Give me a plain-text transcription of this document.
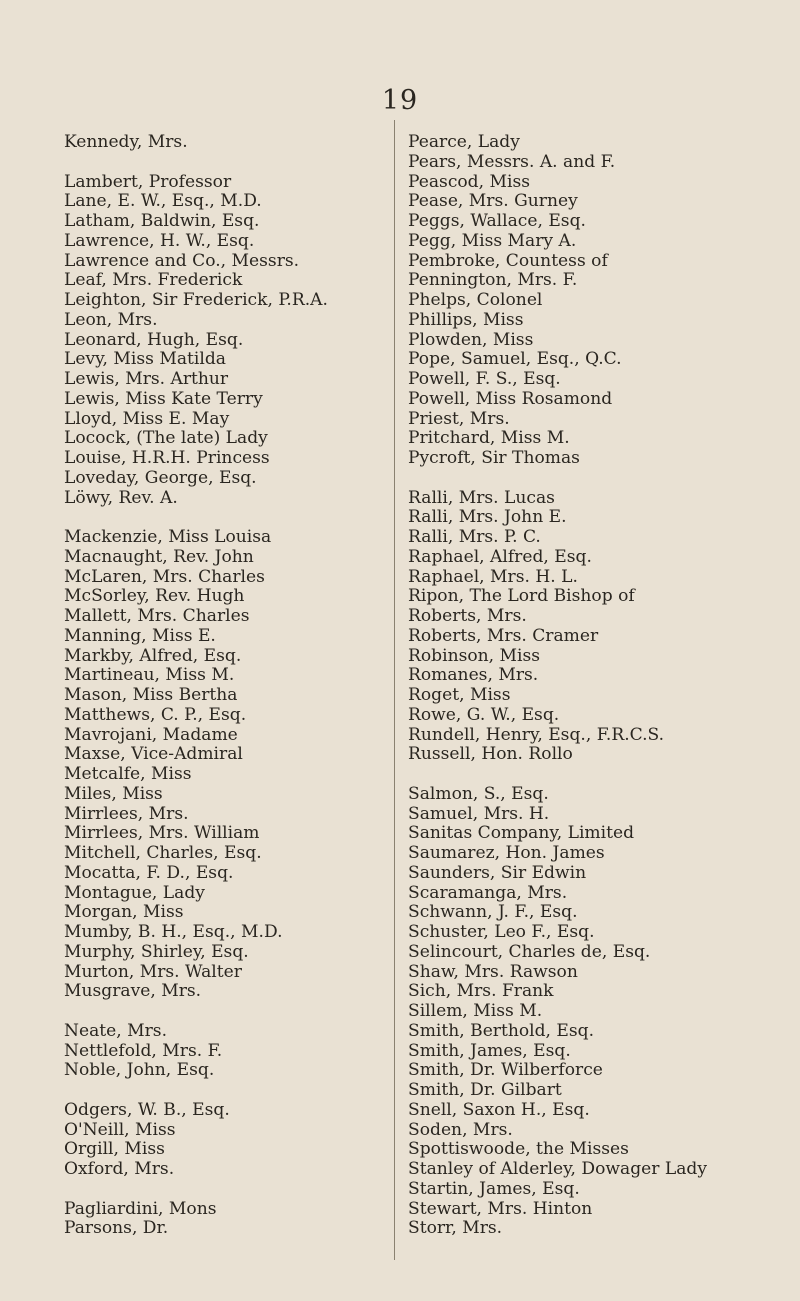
19
Kennedy, Mrs.
Lambert, Professor
Lane, E. W., Esq., M.D.
Latham, Baldwin, Esq.
Lawrence, H. W., Esq.
Lawrence and Co., Messrs.
Leaf, Mrs. Frederick
Leighton, Sir Frederick, P.R.A.
Leon, Mrs.
Leonard, Hugh, Esq.
Levy, Miss Matilda
Lewis, Mrs. Arthur
Lewis, Miss Kate Terry
Lloyd, Miss E. May
Locock, (The late) Lady
Louise, H.R.H. Princess
Loveday, George, Esq.
Löwy, Rev. A.
Mackenzie, Miss Louisa
Macnaught, Rev. John
McLaren, Mrs. Charles
McSorley, Rev. Hugh
Mallett, Mrs. Charles
Manning, Miss E.
Markby, Alfred, Esq.
Martineau, Miss M.
Mason, Miss Bertha
Matthews, C. P., Esq.
Mavrojani, Madame
Maxse, Vice-Admiral
Metcalfe, Miss
Miles, Miss
Mirrlees, Mrs.
Mirrlees, Mrs. William
Mitchell, Charles, Esq.
Mocatta, F. D., Esq.
Montague, Lady
Morgan, Miss
Mumby, B. H., Esq., M.D.
Murphy, Shirley, Esq.
Murton, Mrs. Walter
Musgrave, Mrs.
Neate, Mrs.
Nettlefold, Mrs. F.
Noble, John, Esq.
Odgers, W. B., Esq.
O'Neill, Miss
Orgill, Miss
Oxford, Mrs.
Pagliardini, Mons
Parsons, Dr.
Pearce, Lady
Pears, Messrs. A. and F.
Peascod, Miss
Pease, Mrs. Gurney
Peggs, Wallace, Esq.
Pegg, Miss Mary A.
Pembroke, Countess of
Pennington, Mrs. F.
Phelps, Colonel
Phillips, Miss
Plowden, Miss
Pope, Samuel, Esq., Q.C.
Powell, F. S., Esq.
Powell, Miss Rosamond
Priest, Mrs.
Pritchard, Miss M.
Pycroft, Sir Thomas
Ralli, Mrs. Lucas
Ralli, Mrs. John E.
Ralli, Mrs. P. C.
Raphael, Alfred, Esq.
Raphael, Mrs. H. L.
Ripon, The Lord Bishop of
Roberts, Mrs.
Roberts, Mrs. Cramer
Robinson, Miss
Romanes, Mrs.
Roget, Miss
Rowe, G. W., Esq.
Rundell, Henry, Esq., F.R.C.S.
Russell, Hon. Rollo
Salmon, S., Esq.
Samuel, Mrs. H.
Sanitas Company, Limited
Saumarez, Hon. James
Saunders, Sir Edwin
Scaramanga, Mrs.
Schwann, J. F., Esq.
Schuster, Leo F., Esq.
Selincourt, Charles de, Esq.
Shaw, Mrs. Rawson
Sich, Mrs. Frank
Sillem, Miss M.
Smith, Berthold, Esq.
Smith, James, Esq.
Smith, Dr. Wilberforce
Smith, Dr. Gilbart
Snell, Saxon H., Esq.
Soden, Mrs.
Spottiswoode, the Misses
Stanley of Alderley, Dowager Lady
Startin, James, Esq.
Stewart, Mrs. Hinton
Storr, Mrs.
